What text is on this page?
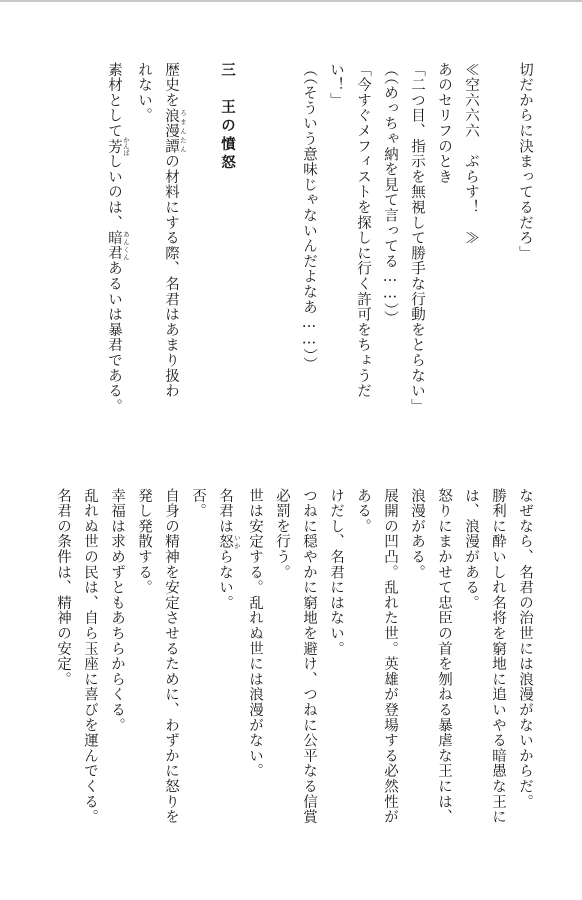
切だからに決まってるだろ」
≪空六六六　ぶらす！　≫
あのセリフのとき
「二つ目、指示を無視して勝手な行動をとらない」
（（めっちゃ納を見て言ってる……））
「今すぐメフィストを探しに行く許可をちょうだ
い！」
（（そういう意味じゃないんだよなあ……））
三　王の憤怒
歴史を浪漫譚 ろまんたんの材料にする際、名君はあまり扱わ
れない。
素材として芳 かんばしいのは、暗君 あんくんあるいは暴君である。
なぜなら、名君の治世には浪漫がないからだ。
勝利に酔いしれ名将を窮地に追いやる暗愚な王に
は、浪漫がある。
怒りにまかせて忠臣の首を刎ねる暴虐な王には、
浪漫がある。
展開の凹凸。乱れた世。英雄が登場する必然性が
ある。
けだし、名君にはない。
つねに穏やかに窮地を避け、つねに公平なる信賞
必罰を行う。
世は安定する。乱れぬ世には浪漫がない。
名君は怒 いからない。
否。
自身の精神を安定させるために、わずかに怒りを
発し発散する。
幸福は求めずともあちらからくる。
乱れぬ世の民は、自ら玉座に喜びを運んでくる。
名君の条件は、精神の安定。
